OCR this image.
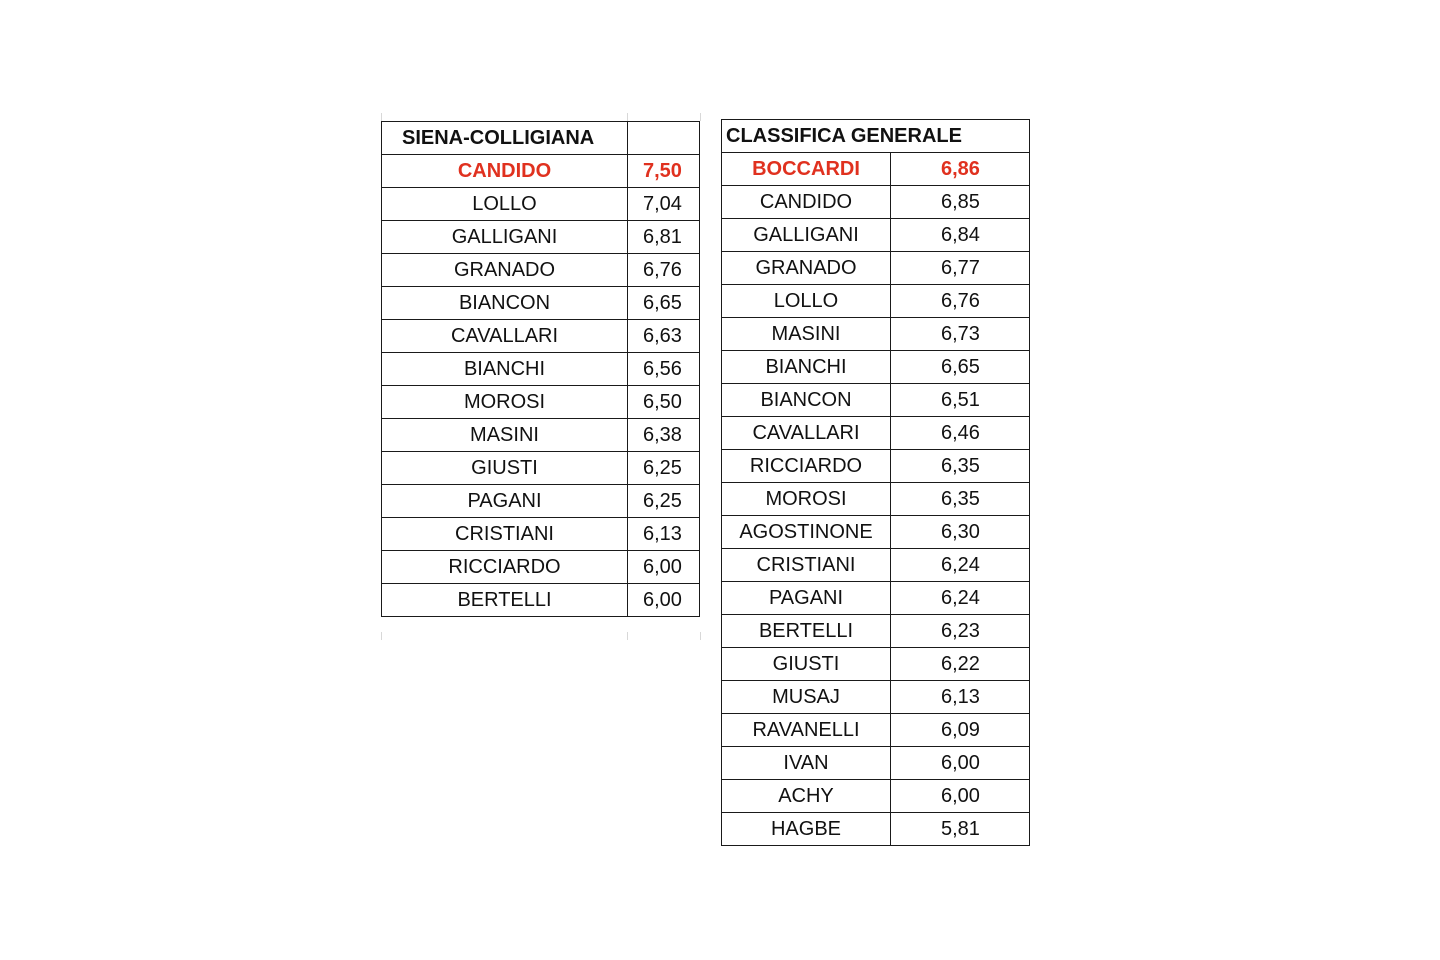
SIENA-COLLIGIANA	
CANDIDO	7,50
LOLLO	7,04
GALLIGANI	6,81
GRANADO	6,76
BIANCON	6,65
CAVALLARI	6,63
BIANCHI	6,56
MOROSI	6,50
MASINI	6,38
GIUSTI	6,25
PAGANI	6,25
CRISTIANI	6,13
RICCIARDO	6,00
BERTELLI	6,00
CLASSIFICA GENERALE	
BOCCARDI	6,86
CANDIDO	6,85
GALLIGANI	6,84
GRANADO	6,77
LOLLO	6,76
MASINI	6,73
BIANCHI	6,65
BIANCON	6,51
CAVALLARI	6,46
RICCIARDO	6,35
MOROSI	6,35
AGOSTINONE	6,30
CRISTIANI	6,24
PAGANI	6,24
BERTELLI	6,23
GIUSTI	6,22
MUSAJ	6,13
RAVANELLI	6,09
IVAN	6,00
ACHY	6,00
HAGBE	5,81
